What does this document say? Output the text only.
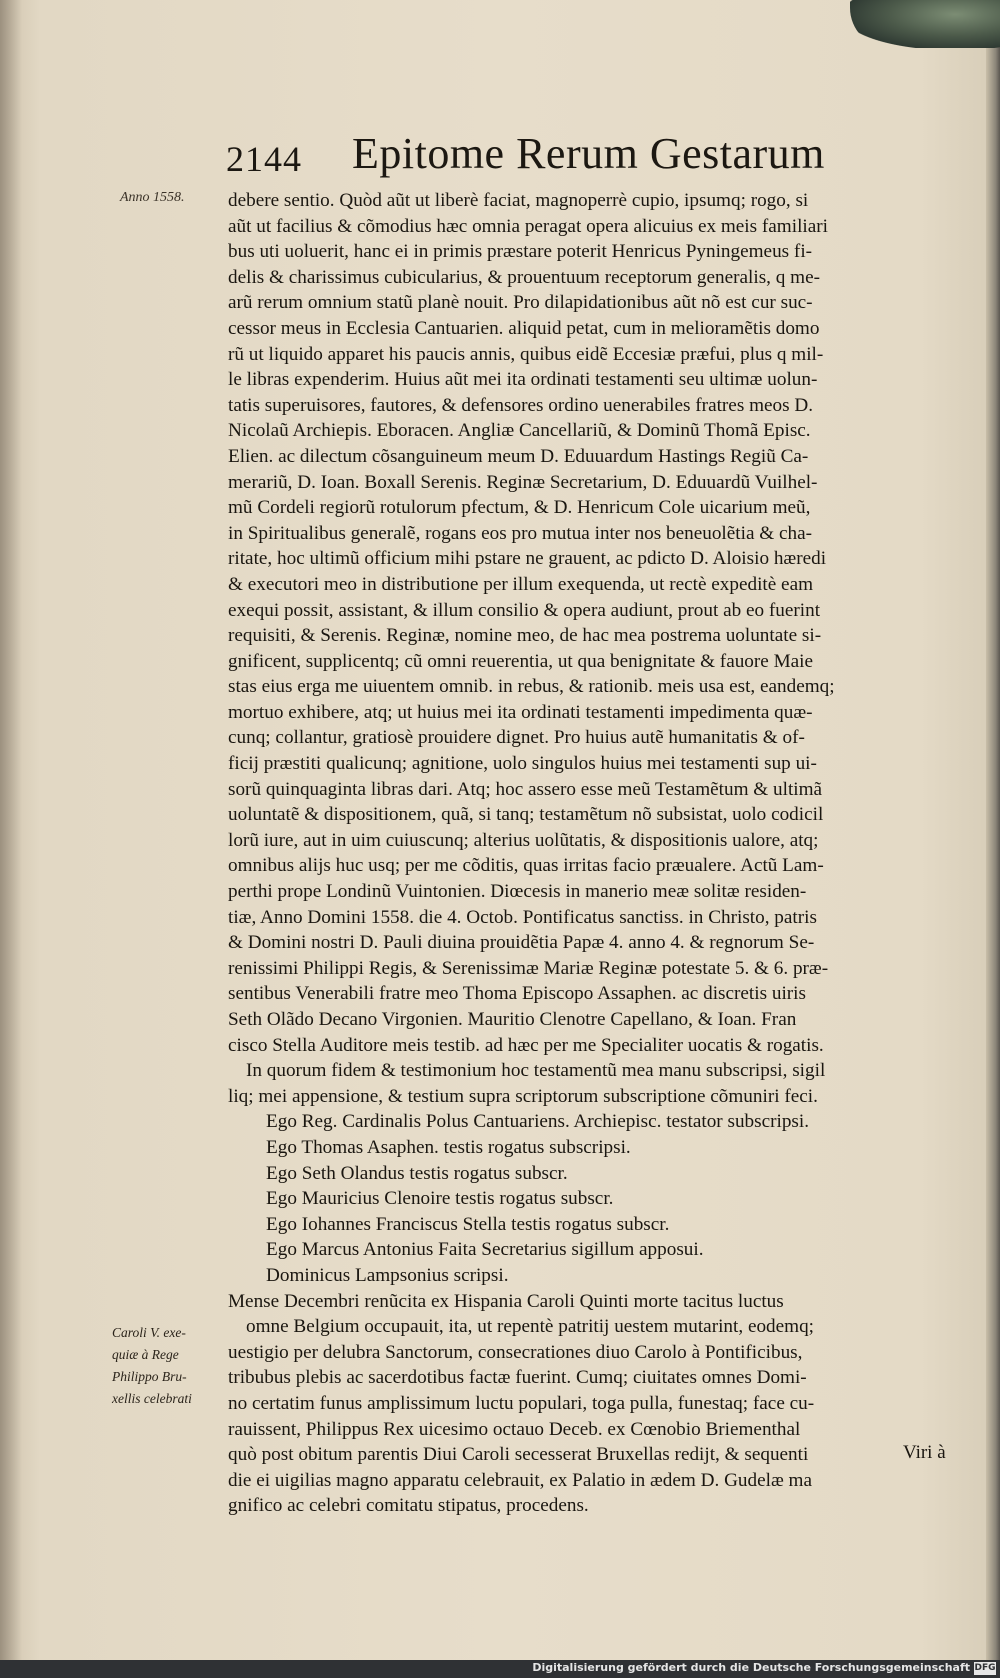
2144 Epitome Rerum Gestarum
Anno 1558. debere sentio. Quòd aũt ut liberè faciat, magnoperrè cupio, ipsumq; rogo, si
aũt ut facilius & cõmodius hæc omnia peragat opera alicuius ex meis familiari
bus uti uoluerit, hanc ei in primis præstare poterit Henricus Pyningemeus fi-
delis & charissimus cubicularius, & prouentuum receptorum generalis, q me-
arũ rerum omnium statũ planè nouit. Pro dilapidationibus aũt nõ est cur suc-
cessor meus in Ecclesia Cantuarien. aliquid petat, cum in melioramẽtis domo
rũ ut liquido apparet his paucis annis, quibus eidẽ Eccesiæ præfui, plus q mil-
le libras expenderim. Huius aũt mei ita ordinati testamenti seu ultimæ uolun-
tatis superuisores, fautores, & defensores ordino uenerabiles fratres meos D.
Nicolaũ Archiepis. Eboracen. Angliæ Cancellariũ, & Dominũ Thomã Episc.
Elien. ac dilectum cõsanguineum meum D. Eduuardum Hastings Regiũ Ca-
merariũ, D. Ioan. Boxall Serenis. Reginæ Secretarium, D. Eduuardũ Vuilhel-
mũ Cordeli regiorũ rotulorum pfectum, & D. Henricum Cole uicarium meũ,
in Spiritualibus generalẽ, rogans eos pro mutua inter nos beneuolẽtia & cha-
ritate, hoc ultimũ officium mihi pstare ne grauent, ac pdicto D. Aloisio hæredi
& executori meo in distributione per illum exequenda, ut rectè expeditè eam
exequi possit, assistant, & illum consilio & opera audiunt, prout ab eo fuerint
requisiti, & Serenis. Reginæ, nomine meo, de hac mea postrema uoluntate si-
gnificent, supplicentq; cũ omni reuerentia, ut qua benignitate & fauore Maie
stas eius erga me uiuentem omnib. in rebus, & rationib. meis usa est, eandemq;
mortuo exhibere, atq; ut huius mei ita ordinati testamenti impedimenta quæ-
cunq; collantur, gratiosè prouidere dignet. Pro huius autẽ humanitatis & of-
ficij præstiti qualicunq; agnitione, uolo singulos huius mei testamenti sup ui-
sorũ quinquaginta libras dari. Atq; hoc assero esse meũ Testamẽtum & ultimã
uoluntatẽ & dispositionem, quã, si tanq; testamẽtum nõ subsistat, uolo codicil
lorũ iure, aut in uim cuiuscunq; alterius uolũtatis, & dispositionis ualore, atq;
omnibus alijs huc usq; per me cõditis, quas irritas facio præualere. Actũ Lam-
perthi prope Londinũ Vuintonien. Diœcesis in manerio meæ solitæ residen-
tiæ, Anno Domini 1558. die 4. Octob. Pontificatus sanctiss. in Christo, patris
& Domini nostri D. Pauli diuina prouidẽtia Papæ 4. anno 4. & regnorum Se-
renissimi Philippi Regis, & Serenissimæ Mariæ Reginæ potestate 5. & 6. præ-
sentibus Venerabili fratre meo Thoma Episcopo Assaphen. ac discretis uiris
Seth Olãdo Decano Virgonien. Mauritio Clenotre Capellano, & Ioan. Fran
cisco Stella Auditore meis testib. ad hæc per me Specialiter uocatis & rogatis.
In quorum fidem & testimonium hoc testamentũ mea manu subscripsi, sigil
liq; mei appensione, & testium supra scriptorum subscriptione cõmuniri feci.
Ego Reg. Cardinalis Polus Cantuariens. Archiepisc. testator subscripsi.
Ego Thomas Asaphen. testis rogatus subscripsi.
Ego Seth Olandus testis rogatus subscr.
Ego Mauricius Clenoire testis rogatus subscr.
Ego Iohannes Franciscus Stella testis rogatus subscr.
Ego Marcus Antonius Faita Secretarius sigillum apposui.
Dominicus Lampsonius scripsi.
Mense Decembri renũcita ex Hispania Caroli Quinti morte tacitus luctus
omne Belgium occupauit, ita, ut repentè patritij uestem mutarint, eodemq;
uestigio per delubra Sanctorum, consecrationes diuo Carolo à Pontificibus,
tribubus plebis ac sacerdotibus factæ fuerint. Cumq; ciuitates omnes Domi-
no certatim funus amplissimum luctu populari, toga pulla, funestaq; face cu-
rauissent, Philippus Rex uicesimo octauo Deceb. ex Cœnobio Briementhal
quò post obitum parentis Diui Caroli secesserat Bruxellas redijt, & sequenti
die ei uigilias magno apparatu celebrauit, ex Palatio in ædem D. Gudelæ ma
gnifico ac celebri comitatu stipatus, procedens.
Caroli V. exe-
quiæ à Rege
Philippo Bru-
xellis celebrati
Viri à
Digitalisierung gefördert durch die Deutsche Forschungsgemeinschaft DFG
